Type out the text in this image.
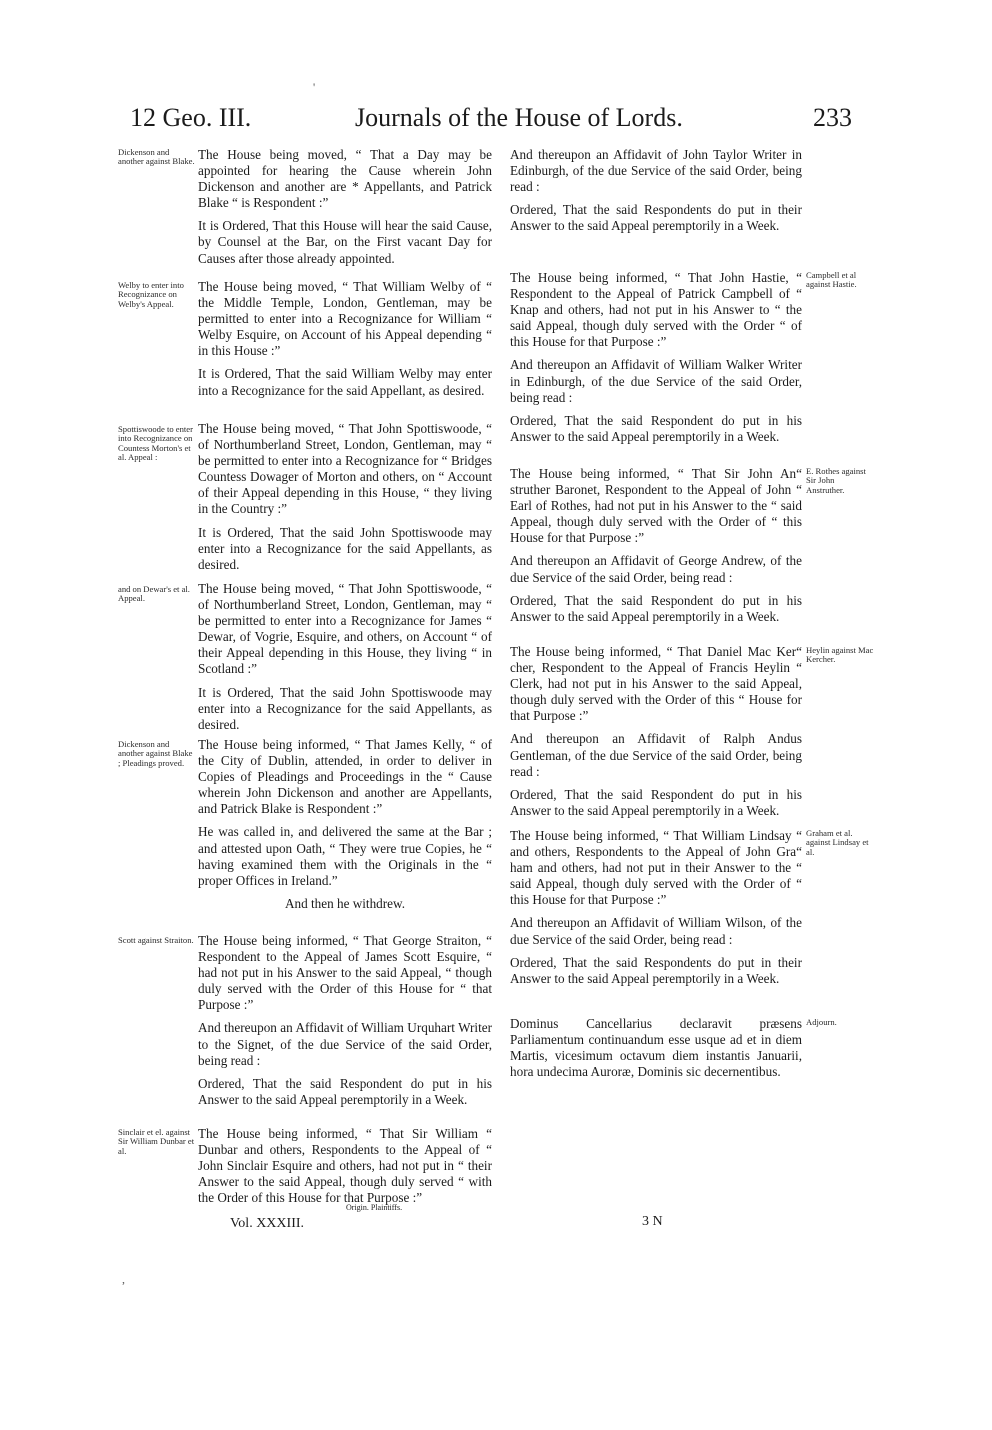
12 Geo. III.	Journals of the House of Lords.	233
Dickenson and another against Blake. The House being moved, “ That a Day may be appointed for hearing the Cause wherein John Dickenson and another are * Appellants, and Patrick Blake “ is Respondent :”

It is Ordered, That this House will hear the said Cause, by Counsel at the Bar, on the First vacant Day for Causes after those already appointed.

Welby to enter into Recognizance on Welby's Appeal.

The House being moved, “ That William Welby of “ the Middle Temple, London, Gentleman, may be permitted to enter into a Recognizance for William “ Welby Esquire, on Account of his Appeal depending “ in this House :”

It is Ordered, That the said William Welby may enter into a Recognizance for the said Appellant, as desired.

Spottiswoode to enter into Recognizance on Countess Morton's et al. Appeal :

The House being moved, “ That John Spottiswoode, “ of Northumberland Street, London, Gentleman, may “ be permitted to enter into a Recognizance for “ Bridges Countess Dowager of Morton and others, on “ Account of their Appeal depending in this House, “ they living in the Country :”

It is Ordered, That the said John Spottiswoode may enter into a Recognizance for the said Appellants, as desired.

and on Dewar's et al. Appeal.

The House being moved, “ That John Spottiswoode, “ of Northumberland Street, London, Gentleman, may “ be permitted to enter into a Recognizance for James “ Dewar, of Vogrie, Esquire, and others, on Account “ of their Appeal depending in this House, they living “ in Scotland :”

It is Ordered, That the said John Spottiswoode may enter into a Recognizance for the said Appellants, as desired.

Dickenson and another against Blake ; Pleadings proved.

The House being informed, “ That James Kelly, “ of the City of Dublin, attended, in order to deliver in Copies of Pleadings and Proceedings in the “ Cause wherein John Dickenson and another are Appellants, and Patrick Blake is Respondent :”

He was called in, and delivered the same at the Bar ; and attested upon Oath, “ They were true Copies, he “ having examined them with the Originals in the “ proper Offices in Ireland.”

And then he withdrew.

Scott against Straiton. The House being informed, “ That George Straiton, “ Respondent to the Appeal of James Scott Esquire, “ had not put in his Answer to the said Appeal, “ though duly served with the Order of this House for “ that Purpose :”

And thereupon an Affidavit of William Urquhart Writer to the Signet, of the due Service of the said Order, being read :

Ordered, That the said Respondent do put in his Answer to the said Appeal peremptorily in a Week.

Sinclair et el. against Sir William Dunbar et al.

The House being informed, “ That Sir William “ Dunbar and others, Respondents to the Appeal of “ John Sinclair Esquire and others, had not put in “ their Answer to the said Appeal, though duly served “ with the Order of this House for that Purpose :”

And thereupon an Affidavit of John Taylor Writer in Edinburgh, of the due Service of the said Order, being read :

Ordered, That the said Respondents do put in their Answer to the said Appeal peremptorily in a Week.

Campbell et al against Hastie.

The House being informed, “ That John Hastie, “ Respondent to the Appeal of Patrick Campbell of “ Knap and others, had not put in his Answer to “ the said Appeal, though duly served with the Order “ of this House for that Purpose :”

And thereupon an Affidavit of William Walker Writer in Edinburgh, of the due Service of the said Order, being read :

Ordered, That the said Respondent do put in his Answer to the said Appeal peremptorily in a Week.

E. Rothes against Sir John Anstruther.

The House being informed, “ That Sir John An“ struther Baronet, Respondent to the Appeal of John “ Earl of Rothes, had not put in his Answer to the “ said Appeal, though duly served with the Order of “ this House for that Purpose :”

And thereupon an Affidavit of George Andrew, of the due Service of the said Order, being read :

Ordered, That the said Respondent do put in his Answer to the said Appeal peremptorily in a Week.

Heylin against Mac Kercher.

The House being informed, “ That Daniel Mac Ker“ cher, Respondent to the Appeal of Francis Heylin “ Clerk, had not put in his Answer to the said Appeal, though duly served with the Order of this “ House for that Purpose :”

And thereupon an Affidavit of Ralph Andus Gentleman, of the due Service of the said Order, being read :

Ordered, That the said Respondent do put in his Answer to the said Appeal peremptorily in a Week.

Graham et al. against Lindsay et al.

The House being informed, “ That William Lindsay “ and others, Respondents to the Appeal of John Gra“ ham and others, had not put in their Answer to the “ said Appeal, though duly served with the Order of “ this House for that Purpose :”

And thereupon an Affidavit of William Wilson, of the due Service of the said Order, being read :

Ordered, That the said Respondents do put in their Answer to the said Appeal peremptorily in a Week.

Adjourn.

Dominus Cancellarius declaravit præsens Parliamentum continuandum esse usque ad et in diem Martis, vicesimum octavum diem instantis Januarii, hora undecima Auroræ, Dominis sic decernentibus.

Origin. Plaintiffs.
Vol. XXXIII.	3 N
'
,
